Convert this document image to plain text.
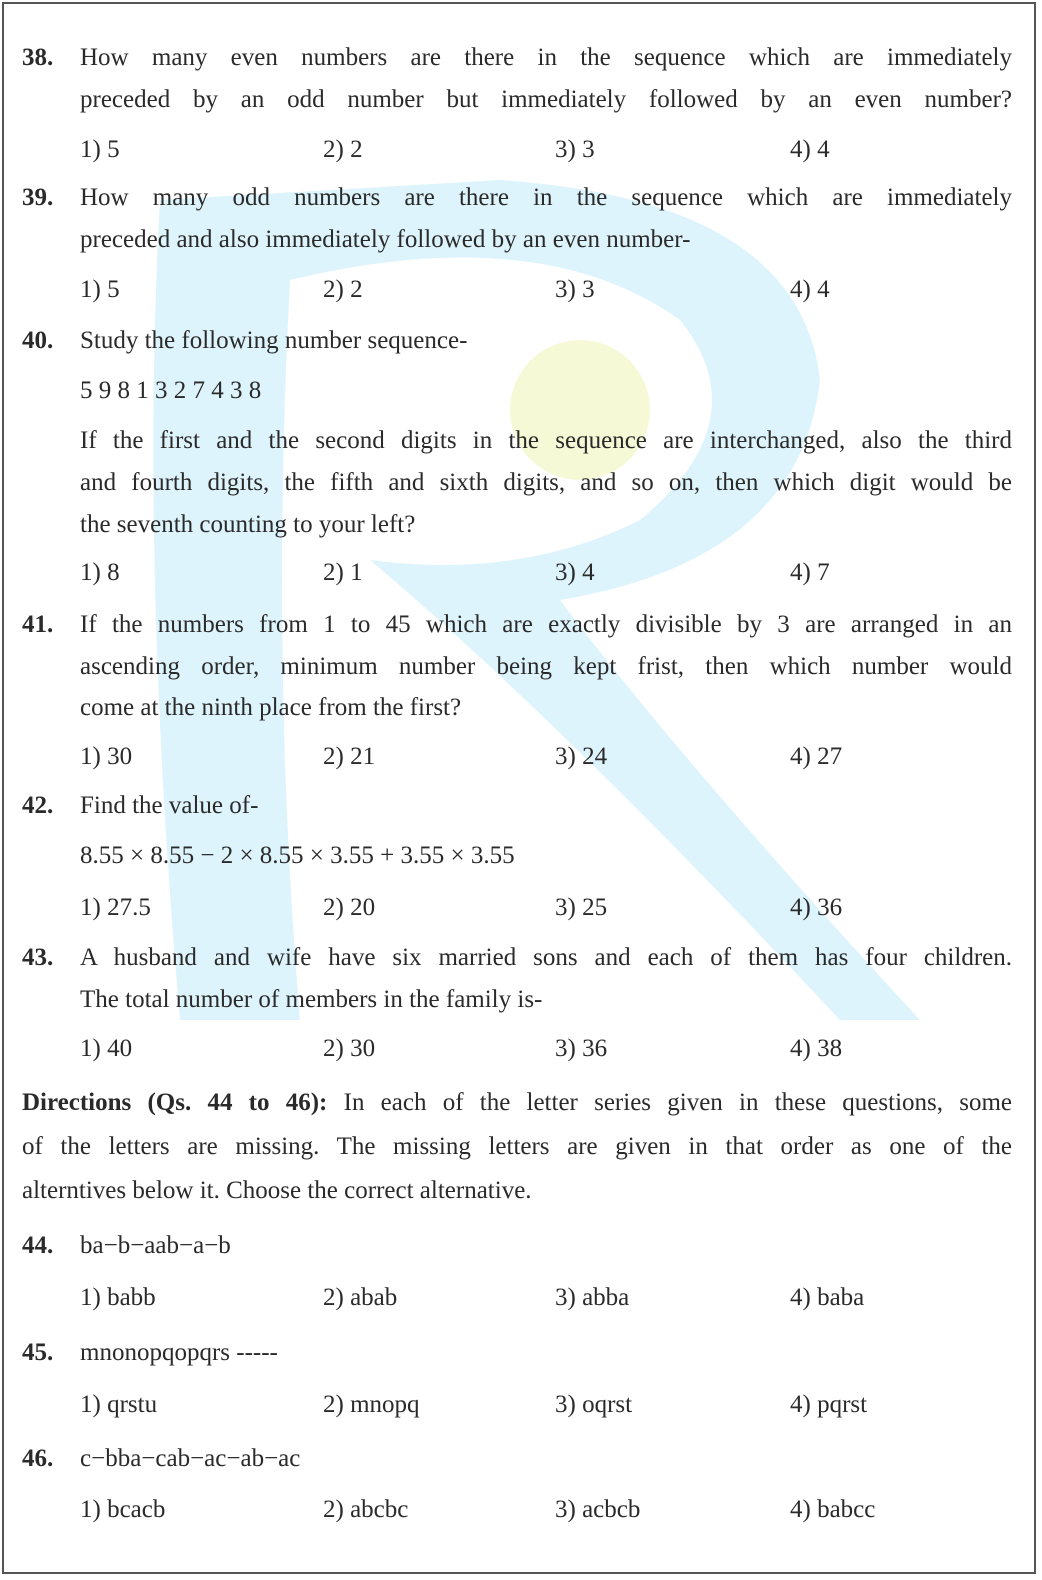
38. How many even numbers are there in the sequence which are immediately
preceded by an odd number but immediately followed by an even number?
1) 5	2) 2	3) 3	4) 4
39. How many odd numbers are there in the sequence which are immediately
preceded and also immediately followed by an even number-
1) 5	2) 2	3) 3	4) 4
40. Study the following number sequence-
5 9 8 1 3 2 7 4 3 8
If the first and the second digits in the sequence are interchanged, also the third
and fourth digits, the fifth and sixth digits, and so on, then which digit would be
the seventh counting to your left?
1) 8	2) 1	3) 4	4) 7
41. If the numbers from 1 to 45 which are exactly divisible by 3 are arranged in an
ascending order, minimum number being kept frist, then which number would
come at the ninth place from the first?
1) 30	2) 21	3) 24	4) 27
42. Find the value of-
8.55 × 8.55 − 2 × 8.55 × 3.55 + 3.55 × 3.55
1) 27.5	2) 20	3) 25	4) 36
43. A husband and wife have six married sons and each of them has four children.
The total number of members in the family is-
1) 40	2) 30	3) 36	4) 38
44. ba−b−aab−a−b
1) babb	2) abab	3) abba	4) baba
45. mnonopqopqrs -----
1) qrstu	2) mnopq	3) oqrst	4) pqrst
46. c−bba−cab−ac−ab−ac
1) bcacb	2) abcbc	3) acbcb	4) babcc
Directions (Qs. 44 to 46): In each of the letter series given in these questions, some
of the letters are missing. The missing letters are given in that order as one of the
alterntives below it. Choose the correct alternative.
